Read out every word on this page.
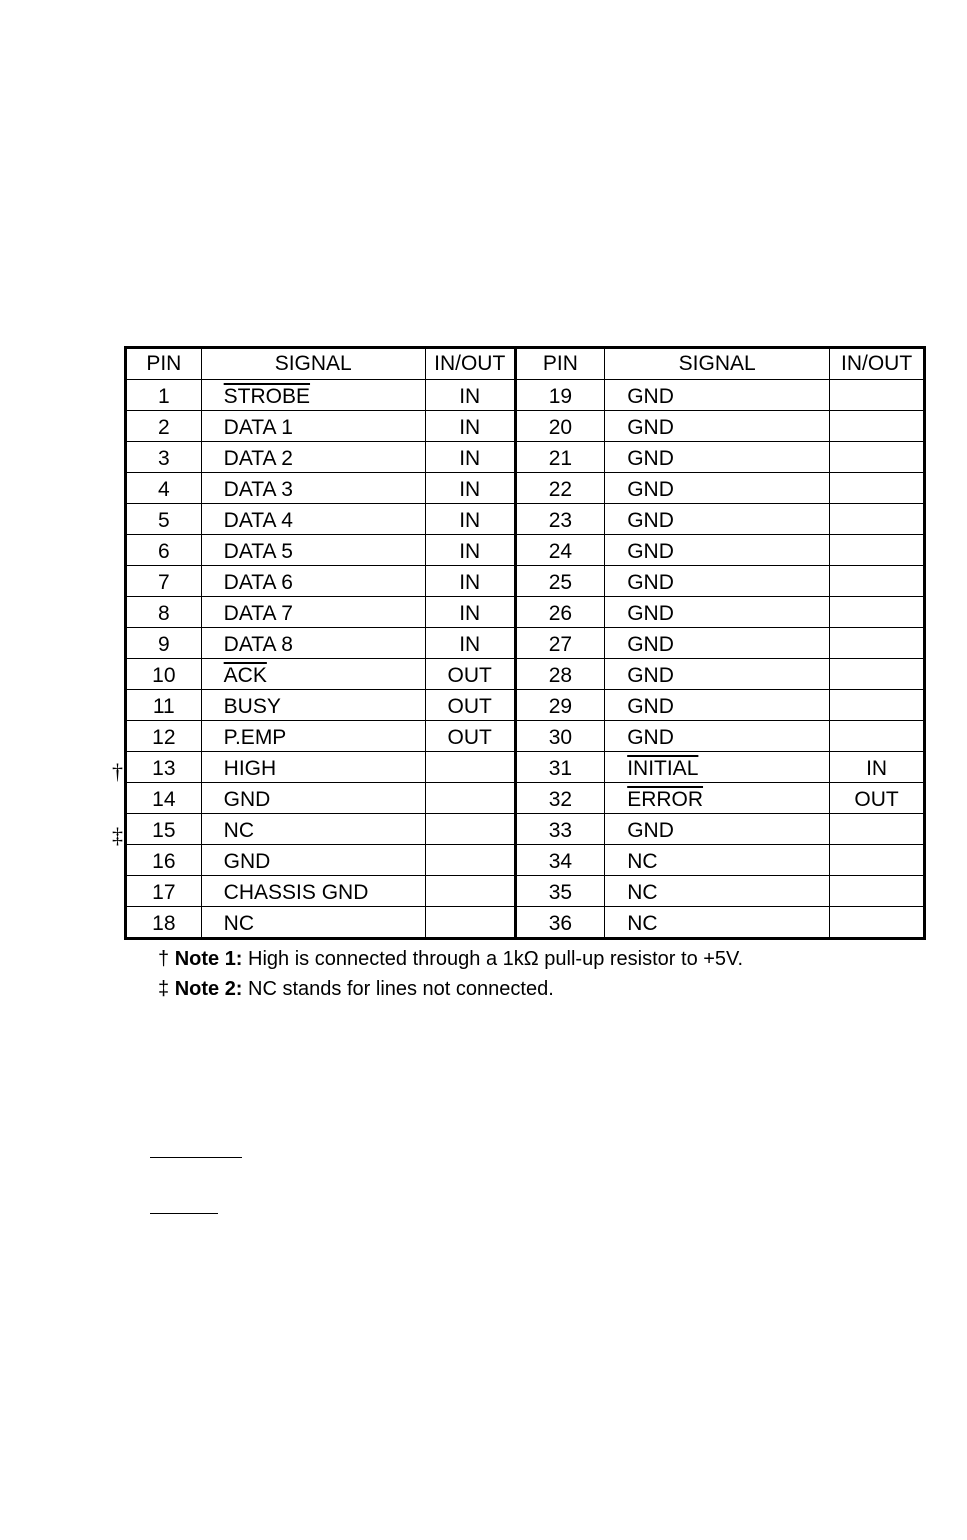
PIN	SIGNAL	IN/OUT	PIN	SIGNAL	IN/OUT
1	STROBE	IN	19	GND	
2	DATA 1	IN	20	GND	
3	DATA 2	IN	21	GND	
4	DATA 3	IN	22	GND	
5	DATA 4	IN	23	GND	
6	DATA 5	IN	24	GND	
7	DATA 6	IN	25	GND	
8	DATA 7	IN	26	GND	
9	DATA 8	IN	27	GND	
10	$\overline{ACK}$	OUT	28	GND	
11	BUSY	OUT	29	GND	
12	P.EMP	OUT	30	GND	
13	HIGH		31	INITIAL	IN
14	GND		32	ERROR	OUT
15	NC		33	GND	
16	GND		34	NC	
17	CHASSIS GND		35	NC	
18	NC		36	NC	
†
‡
† Note 1: High is connected through a 1kΩ pull-up resistor to +5V.
‡ Note 2: NC stands for lines not connected.
